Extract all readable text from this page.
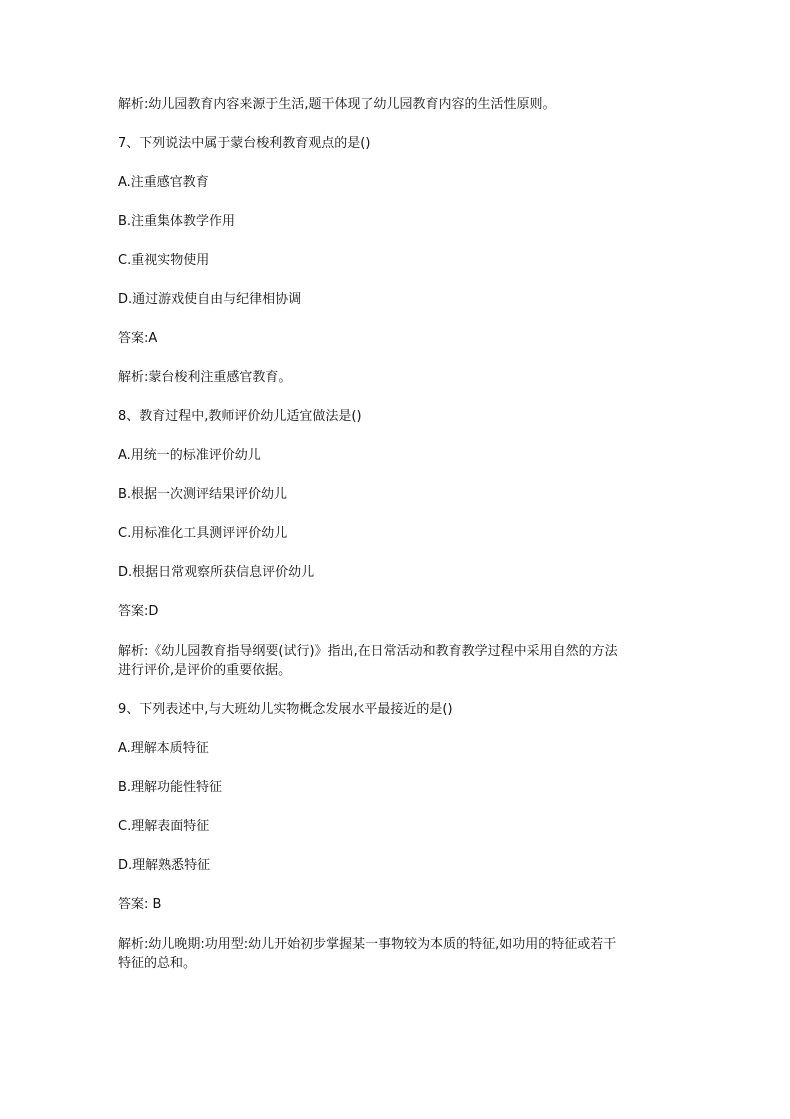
解析:幼儿园教育内容来源于生活,题干体现了幼儿园教育内容的生活性原则。

7、下列说法中属于蒙台梭利教育观点的是()

A.注重感官教育

B.注重集体教学作用

C.重视实物使用

D.通过游戏使自由与纪律相协调

答案:A

解析:蒙台梭利注重感官教育。

8、教育过程中,教师评价幼儿适宜做法是()

A.用统一的标准评价幼儿

B.根据一次测评结果评价幼儿

C.用标准化工具测评评价幼儿

D.根据日常观察所获信息评价幼儿

答案:D

解析:《幼儿园教育指导纲要(试行)》指出,在日常活动和教育教学过程中采用自然的方法

进行评价,是评价的重要依据。

9、下列表述中,与大班幼儿实物概念发展水平最接近的是()

A.理解本质特征

B.理解功能性特征

C.理解表面特征

D.理解熟悉特征

答案: B

解析:幼儿晚期:功用型:幼儿开始初步掌握某一事物较为本质的特征,如功用的特征或若干

特征的总和。
